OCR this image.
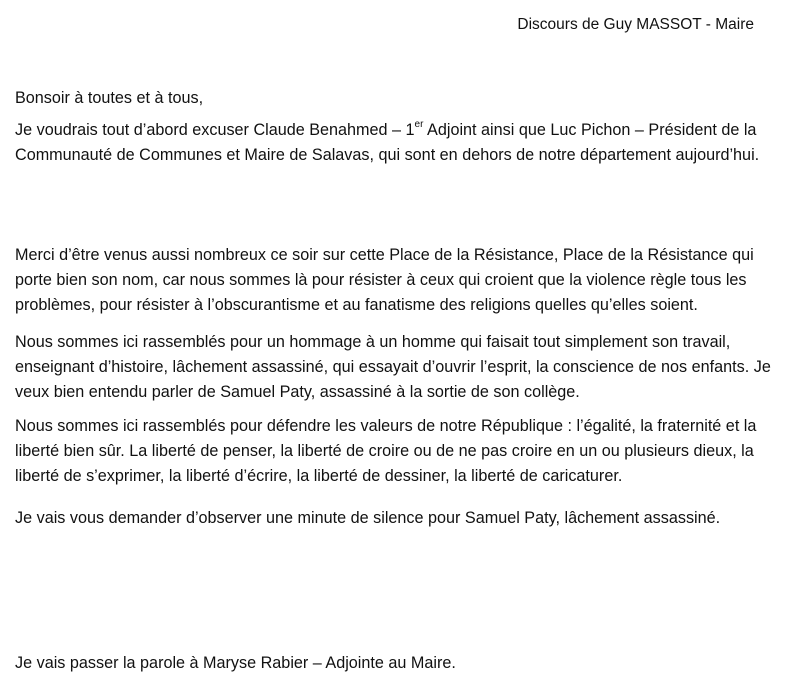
Discours de Guy MASSOT - Maire

Bonsoir à toutes et à tous,

Je voudrais tout d’abord excuser Claude Benahmed – 1er Adjoint ainsi que Luc Pichon – Président de la Communauté de Communes et Maire de Salavas, qui sont en dehors de notre département aujourd’hui.

Merci d’être venus aussi nombreux ce soir sur cette Place de la Résistance, Place de la Résistance qui porte bien son nom, car nous sommes là pour résister à ceux qui croient que la violence règle tous les problèmes, pour résister à l’obscurantisme et au fanatisme des religions quelles qu’elles soient.

Nous sommes ici rassemblés pour un hommage à un homme qui faisait tout simplement son travail, enseignant d’histoire, lâchement assassiné, qui essayait d’ouvrir l’esprit, la conscience de nos enfants. Je veux bien entendu parler de Samuel Paty, assassiné à la sortie de son collège.

Nous sommes ici rassemblés pour défendre les valeurs de notre République : l’égalité, la fraternité et la liberté bien sûr. La liberté de penser, la liberté de croire ou de ne pas croire en un ou plusieurs dieux, la liberté de s’exprimer, la liberté d’écrire, la liberté de dessiner, la liberté de caricaturer.

Je vais vous demander d’observer une minute de silence pour Samuel Paty, lâchement assassiné.

Je vais passer la parole à Maryse Rabier – Adjointe au Maire.
